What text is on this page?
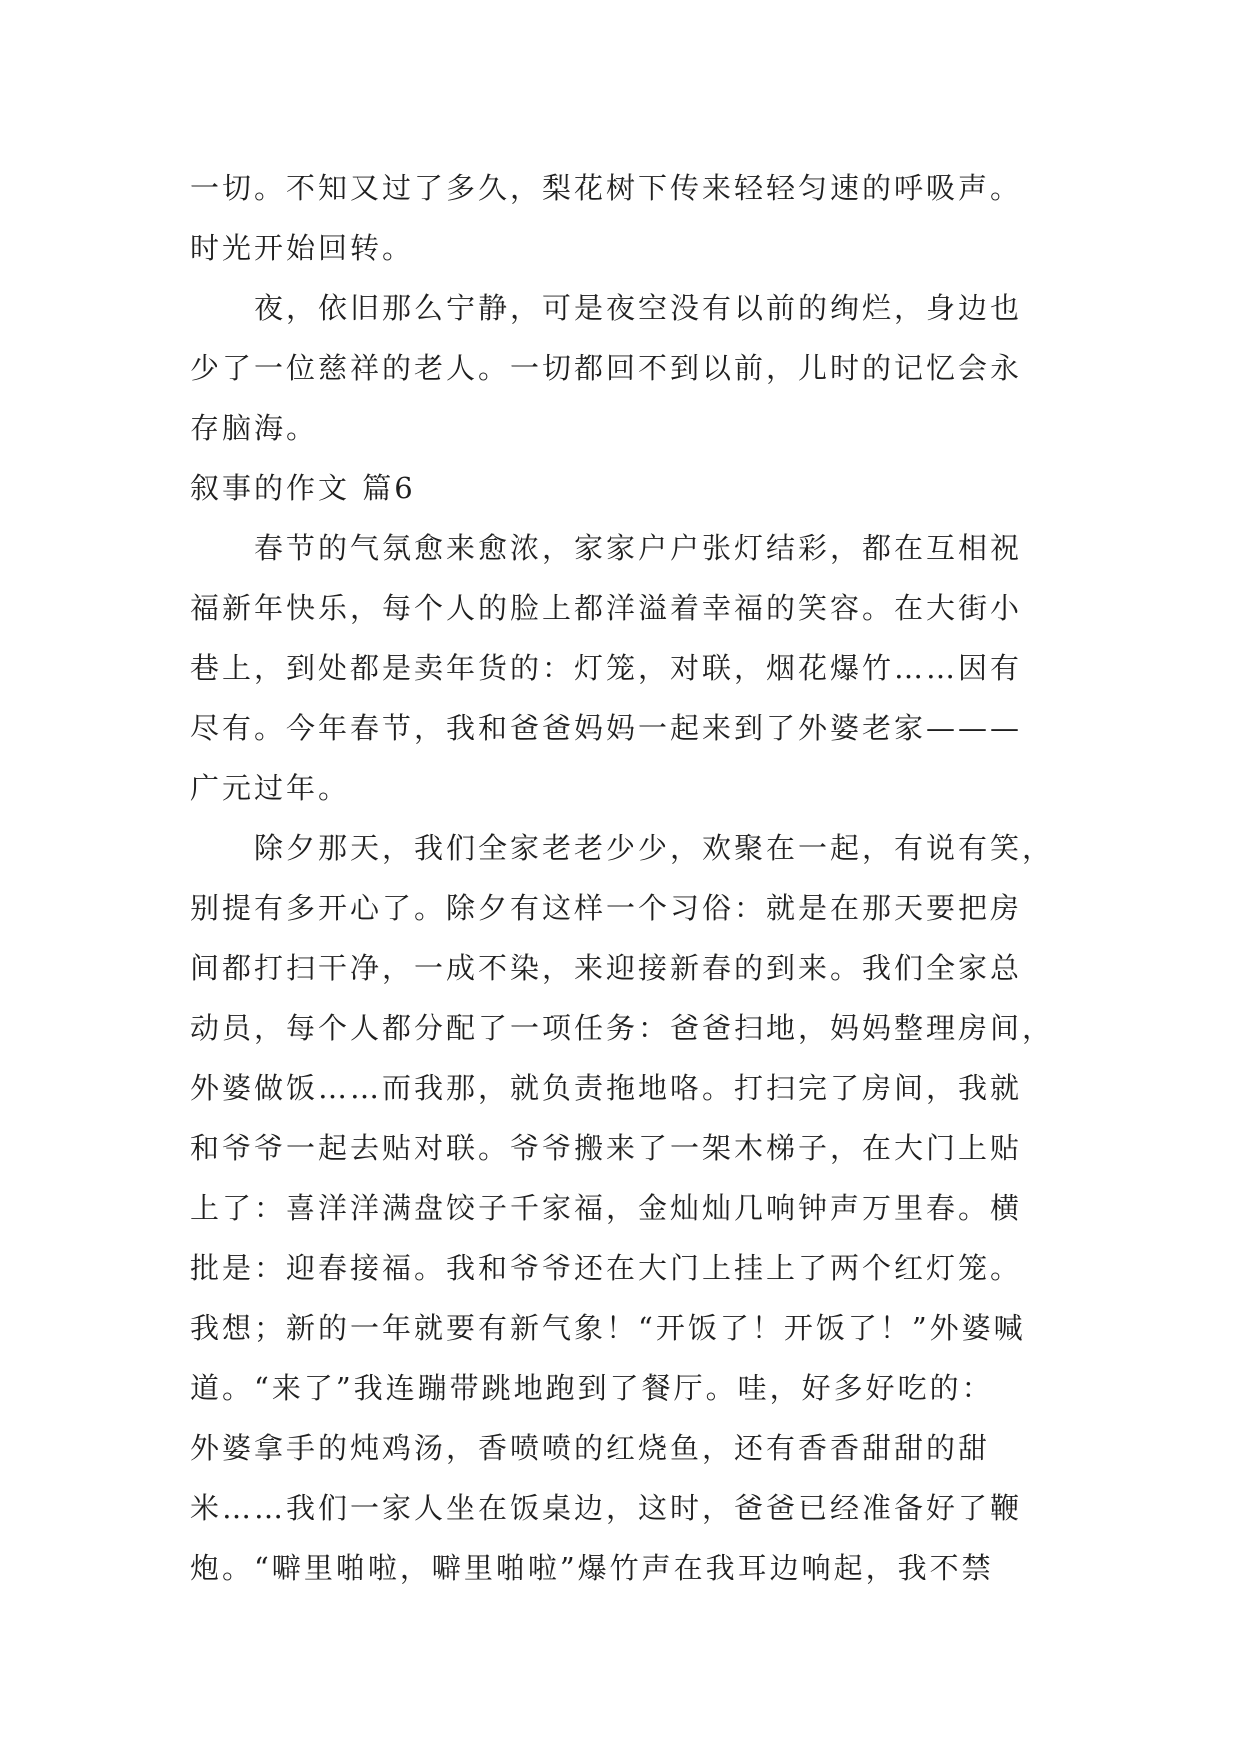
一切。不知又过了多久，梨花树下传来轻轻匀速的呼吸声。
时光开始回转。
夜，依旧那么宁静，可是夜空没有以前的绚烂，身边也
少了一位慈祥的老人。一切都回不到以前，儿时的记忆会永
存脑海。
叙事的作文 篇6
春节的气氛愈来愈浓，家家户户张灯结彩，都在互相祝
福新年快乐，每个人的脸上都洋溢着幸福的笑容。在大街小
巷上，到处都是卖年货的：灯笼，对联，烟花爆竹……因有
尽有。今年春节，我和爸爸妈妈一起来到了外婆老家———
广元过年。
除夕那天，我们全家老老少少，欢聚在一起，有说有笑，
别提有多开心了。除夕有这样一个习俗：就是在那天要把房
间都打扫干净，一成不染，来迎接新春的到来。我们全家总
动员，每个人都分配了一项任务：爸爸扫地，妈妈整理房间，
外婆做饭……而我那，就负责拖地咯。打扫完了房间，我就
和爷爷一起去贴对联。爷爷搬来了一架木梯子，在大门上贴
上了：喜洋洋满盘饺子千家福，金灿灿几响钟声万里春。横
批是：迎春接福。我和爷爷还在大门上挂上了两个红灯笼。
我想；新的一年就要有新气象！“开饭了！开饭了！”外婆喊
道。“来了”我连蹦带跳地跑到了餐厅。哇，好多好吃的：
外婆拿手的炖鸡汤，香喷喷的红烧鱼，还有香香甜甜的甜
米……我们一家人坐在饭桌边，这时，爸爸已经准备好了鞭
炮。“噼里啪啦，噼里啪啦”爆竹声在我耳边响起，我不禁
